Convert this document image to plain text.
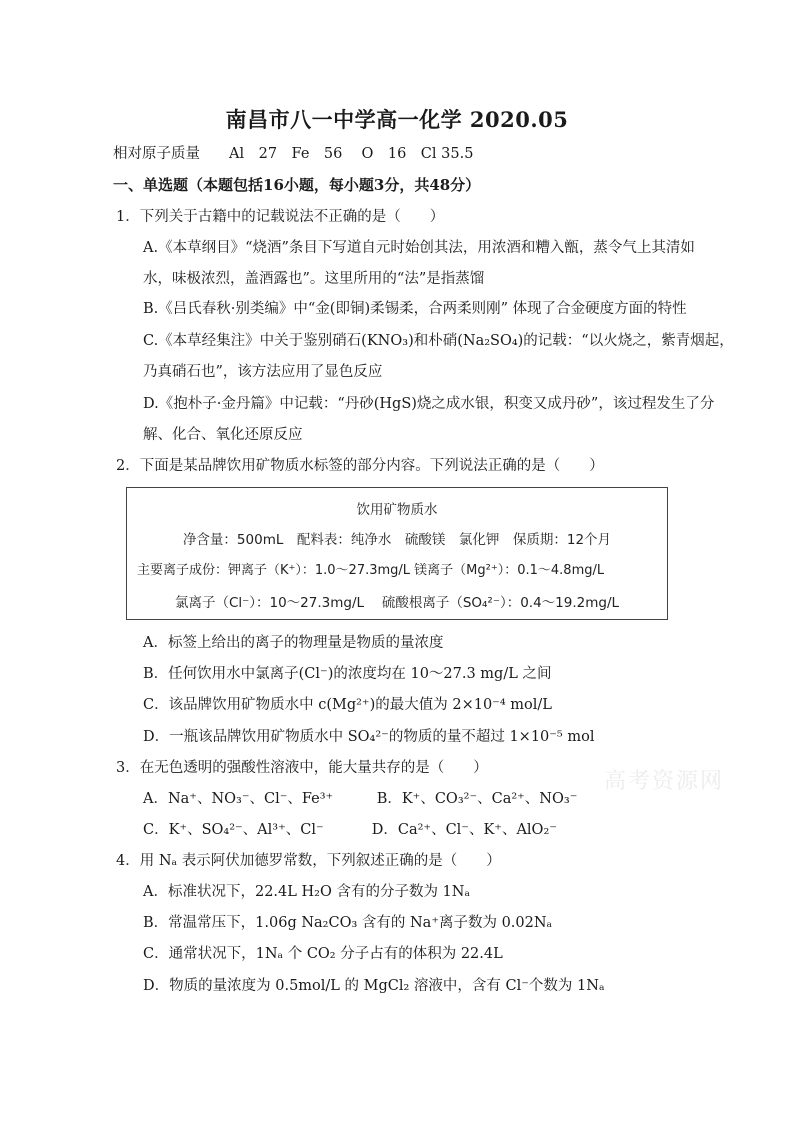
南昌市八一中学高一化学 2020.05
相对原子质量　　Al　27　Fe　56　 O　16　Cl 35.5
一、单选题（本题包括16小题，每小题3分，共48分）
1．下列关于古籍中的记载说法不正确的是（　　）
A.《本草纲目》“烧酒”条目下写道自元时始创其法，用浓酒和糟入甑，蒸令气上其清如
水，味极浓烈，盖酒露也”。这里所用的“法”是指蒸馏
B.《吕氏春秋·别类编》中“金(即铜)柔锡柔，合两柔则刚” 体现了合金硬度方面的特性
C.《本草经集注》中关于鉴别硝石(KNO₃)和朴硝(Na₂SO₄)的记载：“以火烧之，紫青烟起，
乃真硝石也”，该方法应用了显色反应
D.《抱朴子·金丹篇》中记载：“丹砂(HgS)烧之成水银，积变又成丹砂”，该过程发生了分
解、化合、氧化还原反应
2．下面是某品牌饮用矿物质水标签的部分内容。下列说法正确的是（　　）
饮用矿物质水
净含量：500mL　配料表：纯净水　硫酸镁　氯化钾　保质期：12个月
主要离子成份：钾离子（K⁺）：1.0～27.3mg/L 镁离子（Mg²⁺）：0.1～4.8mg/L
氯离子（Cl⁻）：10～27.3mg/L　 硫酸根离子（SO₄²⁻）：0.4～19.2mg/L
A．标签上给出的离子的物理量是物质的量浓度
B．任何饮用水中氯离子(Cl⁻)的浓度均在 10～27.3 mg/L 之间
C．该品牌饮用矿物质水中 c(Mg²⁺)的最大值为 2×10⁻⁴ mol/L
D．一瓶该品牌饮用矿物质水中 SO₄²⁻的物质的量不超过 1×10⁻⁵ mol
3．在无色透明的强酸性溶液中，能大量共存的是（　　）
A．Na⁺、NO₃⁻、Cl⁻、Fe³⁺　　　B．K⁺、CO₃²⁻、Ca²⁺、NO₃⁻
C．K⁺、SO₄²⁻、Al³⁺、Cl⁻　　　 D．Ca²⁺、Cl⁻、K⁺、AlO₂⁻
高考资源网
4．用 Nₐ 表示阿伏加德罗常数，下列叙述正确的是（　　）
A．标准状况下，22.4L H₂O 含有的分子数为 1Nₐ
B．常温常压下，1.06g Na₂CO₃ 含有的 Na⁺离子数为 0.02Nₐ
C．通常状况下，1Nₐ 个 CO₂ 分子占有的体积为 22.4L
D．物质的量浓度为 0.5mol/L 的 MgCl₂ 溶液中，含有 Cl⁻个数为 1Nₐ
